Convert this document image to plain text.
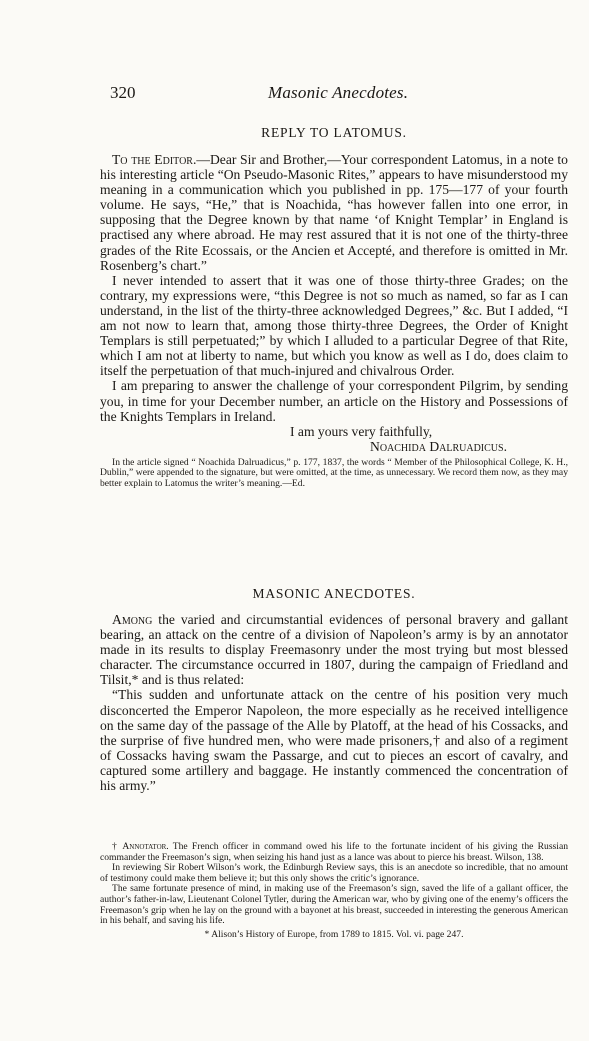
320	Masonic Anecdotes.
REPLY TO LATOMUS.

To the Editor.—Dear Sir and Brother,—Your correspondent Latomus, in a note to his interesting article “On Pseudo-Masonic Rites,” appears to have misunderstood my meaning in a communication which you published in pp. 175—177 of your fourth volume. He says, “He,” that is Noachida, “has however fallen into one error, in supposing that the Degree known by that name ‘of Knight Templar’ in England is practised any where abroad. He may rest assured that it is not one of the thirty-three grades of the Rite Ecossais, or the Ancien et Accepté, and therefore is omitted in Mr. Rosenberg’s chart.”

I never intended to assert that it was one of those thirty-three Grades; on the contrary, my expressions were, “this Degree is not so much as named, so far as I can understand, in the list of the thirty-three acknowledged Degrees,” &c. But I added, “I am not now to learn that, among those thirty-three Degrees, the Order of Knight Templars is still perpetuated;” by which I alluded to a particular Degree of that Rite, which I am not at liberty to name, but which you know as well as I do, does claim to itself the perpetuation of that much-injured and chivalrous Order.

I am preparing to answer the challenge of your correspondent Pilgrim, by sending you, in time for your December number, an article on the History and Possessions of the Knights Templars in Ireland.

I am yours very faithfully,
Noachida Dalruadicus.

In the article signed “ Noachida Dalruadicus,” p. 177, 1837, the words “ Member of the Philosophical College, K. H., Dublin,” were appended to the signature, but were omitted, at the time, as unnecessary. We record them now, as they may better explain to Latomus the writer’s meaning.—Ed.

MASONIC ANECDOTES.

Among the varied and circumstantial evidences of personal bravery and gallant bearing, an attack on the centre of a division of Napoleon’s army is by an annotator made in its results to display Freemasonry under the most trying but most blessed character. The circumstance occurred in 1807, during the campaign of Friedland and Tilsit,* and is thus related:

“This sudden and unfortunate attack on the centre of his position very much disconcerted the Emperor Napoleon, the more especially as he received intelligence on the same day of the passage of the Alle by Platoff, at the head of his Cossacks, and the surprise of five hundred men, who were made prisoners,† and also of a regiment of Cossacks having swam the Passarge, and cut to pieces an escort of cavalry, and captured some artillery and baggage. He instantly commenced the concentration of his army.”

† Annotator. The French officer in command owed his life to the fortunate incident of his giving the Russian commander the Freemason’s sign, when seizing his hand just as a lance was about to pierce his breast. Wilson, 138.

In reviewing Sir Robert Wilson’s work, the Edinburgh Review says, this is an anecdote so incredible, that no amount of testimony could make them believe it; but this only shows the critic’s ignorance.

The same fortunate presence of mind, in making use of the Freemason’s sign, saved the life of a gallant officer, the author’s father-in-law, Lieutenant Colonel Tytler, during the American war, who by giving one of the enemy’s officers the Freemason’s grip when he lay on the ground with a bayonet at his breast, succeeded in interesting the generous American in his behalf, and saving his life.

* Alison’s History of Europe, from 1789 to 1815. Vol. vi. page 247.
